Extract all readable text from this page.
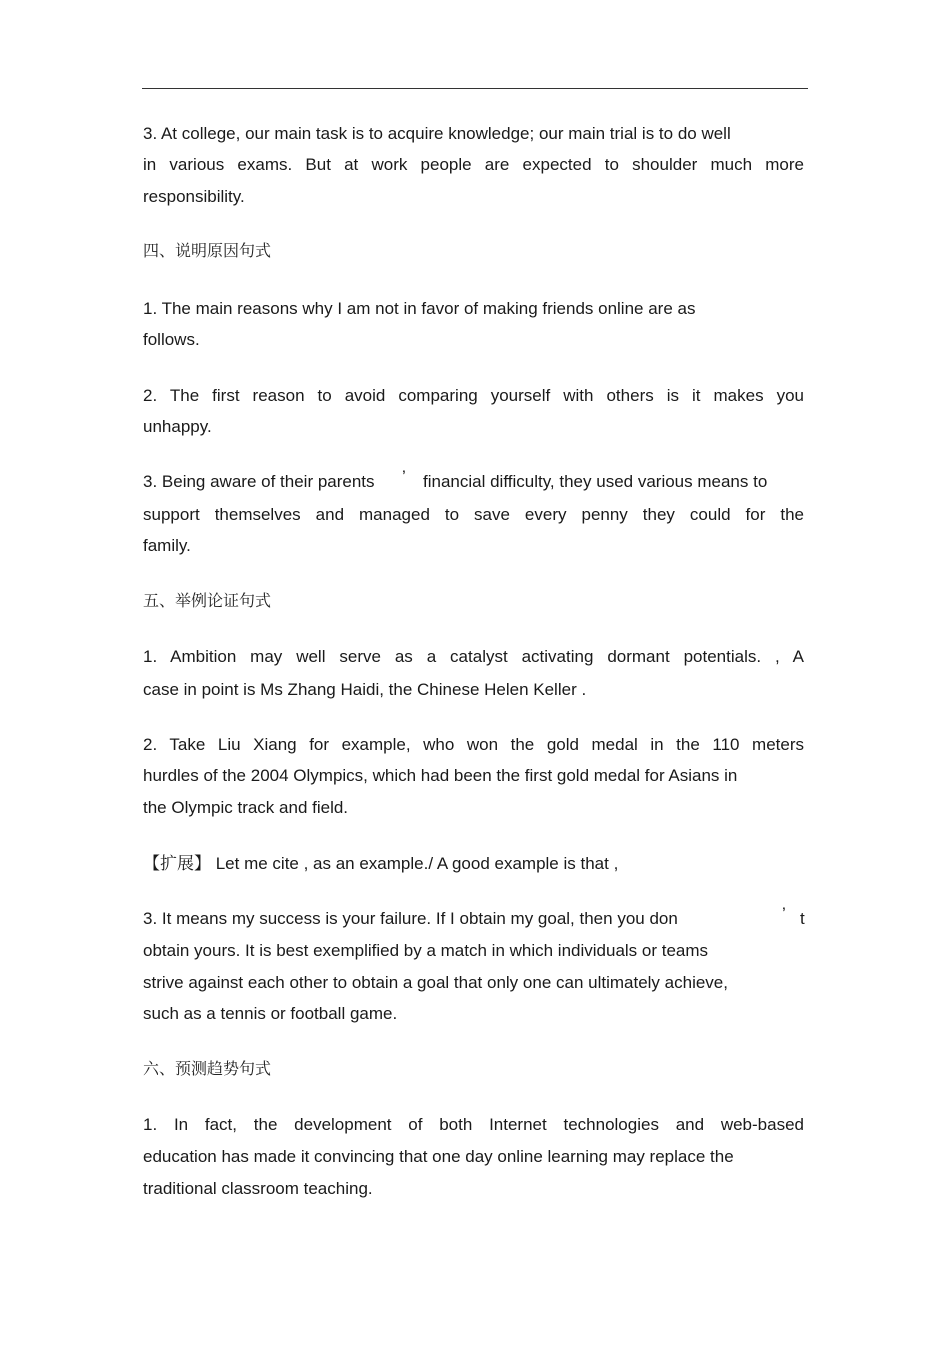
3. At college, our main task is to acquire knowledge; our main trial is to do well
in various exams. But at work people are expected to shoulder much more
responsibility.
四、说明原因句式
1. The main reasons why I am not in favor of making friends online are as
follows.
2. The first reason to avoid comparing yourself with others is it makes you
unhappy.
3. Being aware of their parents ’ financial difficulty, they used various means to
support themselves and managed to save every penny they could for the
family.
五、举例论证句式
1. Ambition may well serve as a catalyst activating dormant potentials. , A
case in point is Ms Zhang Haidi, the Chinese Helen Keller .
2. Take Liu Xiang for example, who won the gold medal in the 110 meters
hurdles of the 2004 Olympics, which had been the first gold medal for Asians in
the Olympic track and field.
【扩展】 Let me cite , as an example./ A good example is that ,
3. It means my success is your failure. If I obtain my goal, then you don	’ t
obtain yours. It is best exemplified by a match in which individuals or teams
strive against each other to obtain a goal that only one can ultimately achieve,
such as a tennis or football game.
六、预测趋势句式
1. In fact, the development of both Internet technologies and web-based
education has made it convincing that one day online learning may replace the
traditional classroom teaching.
